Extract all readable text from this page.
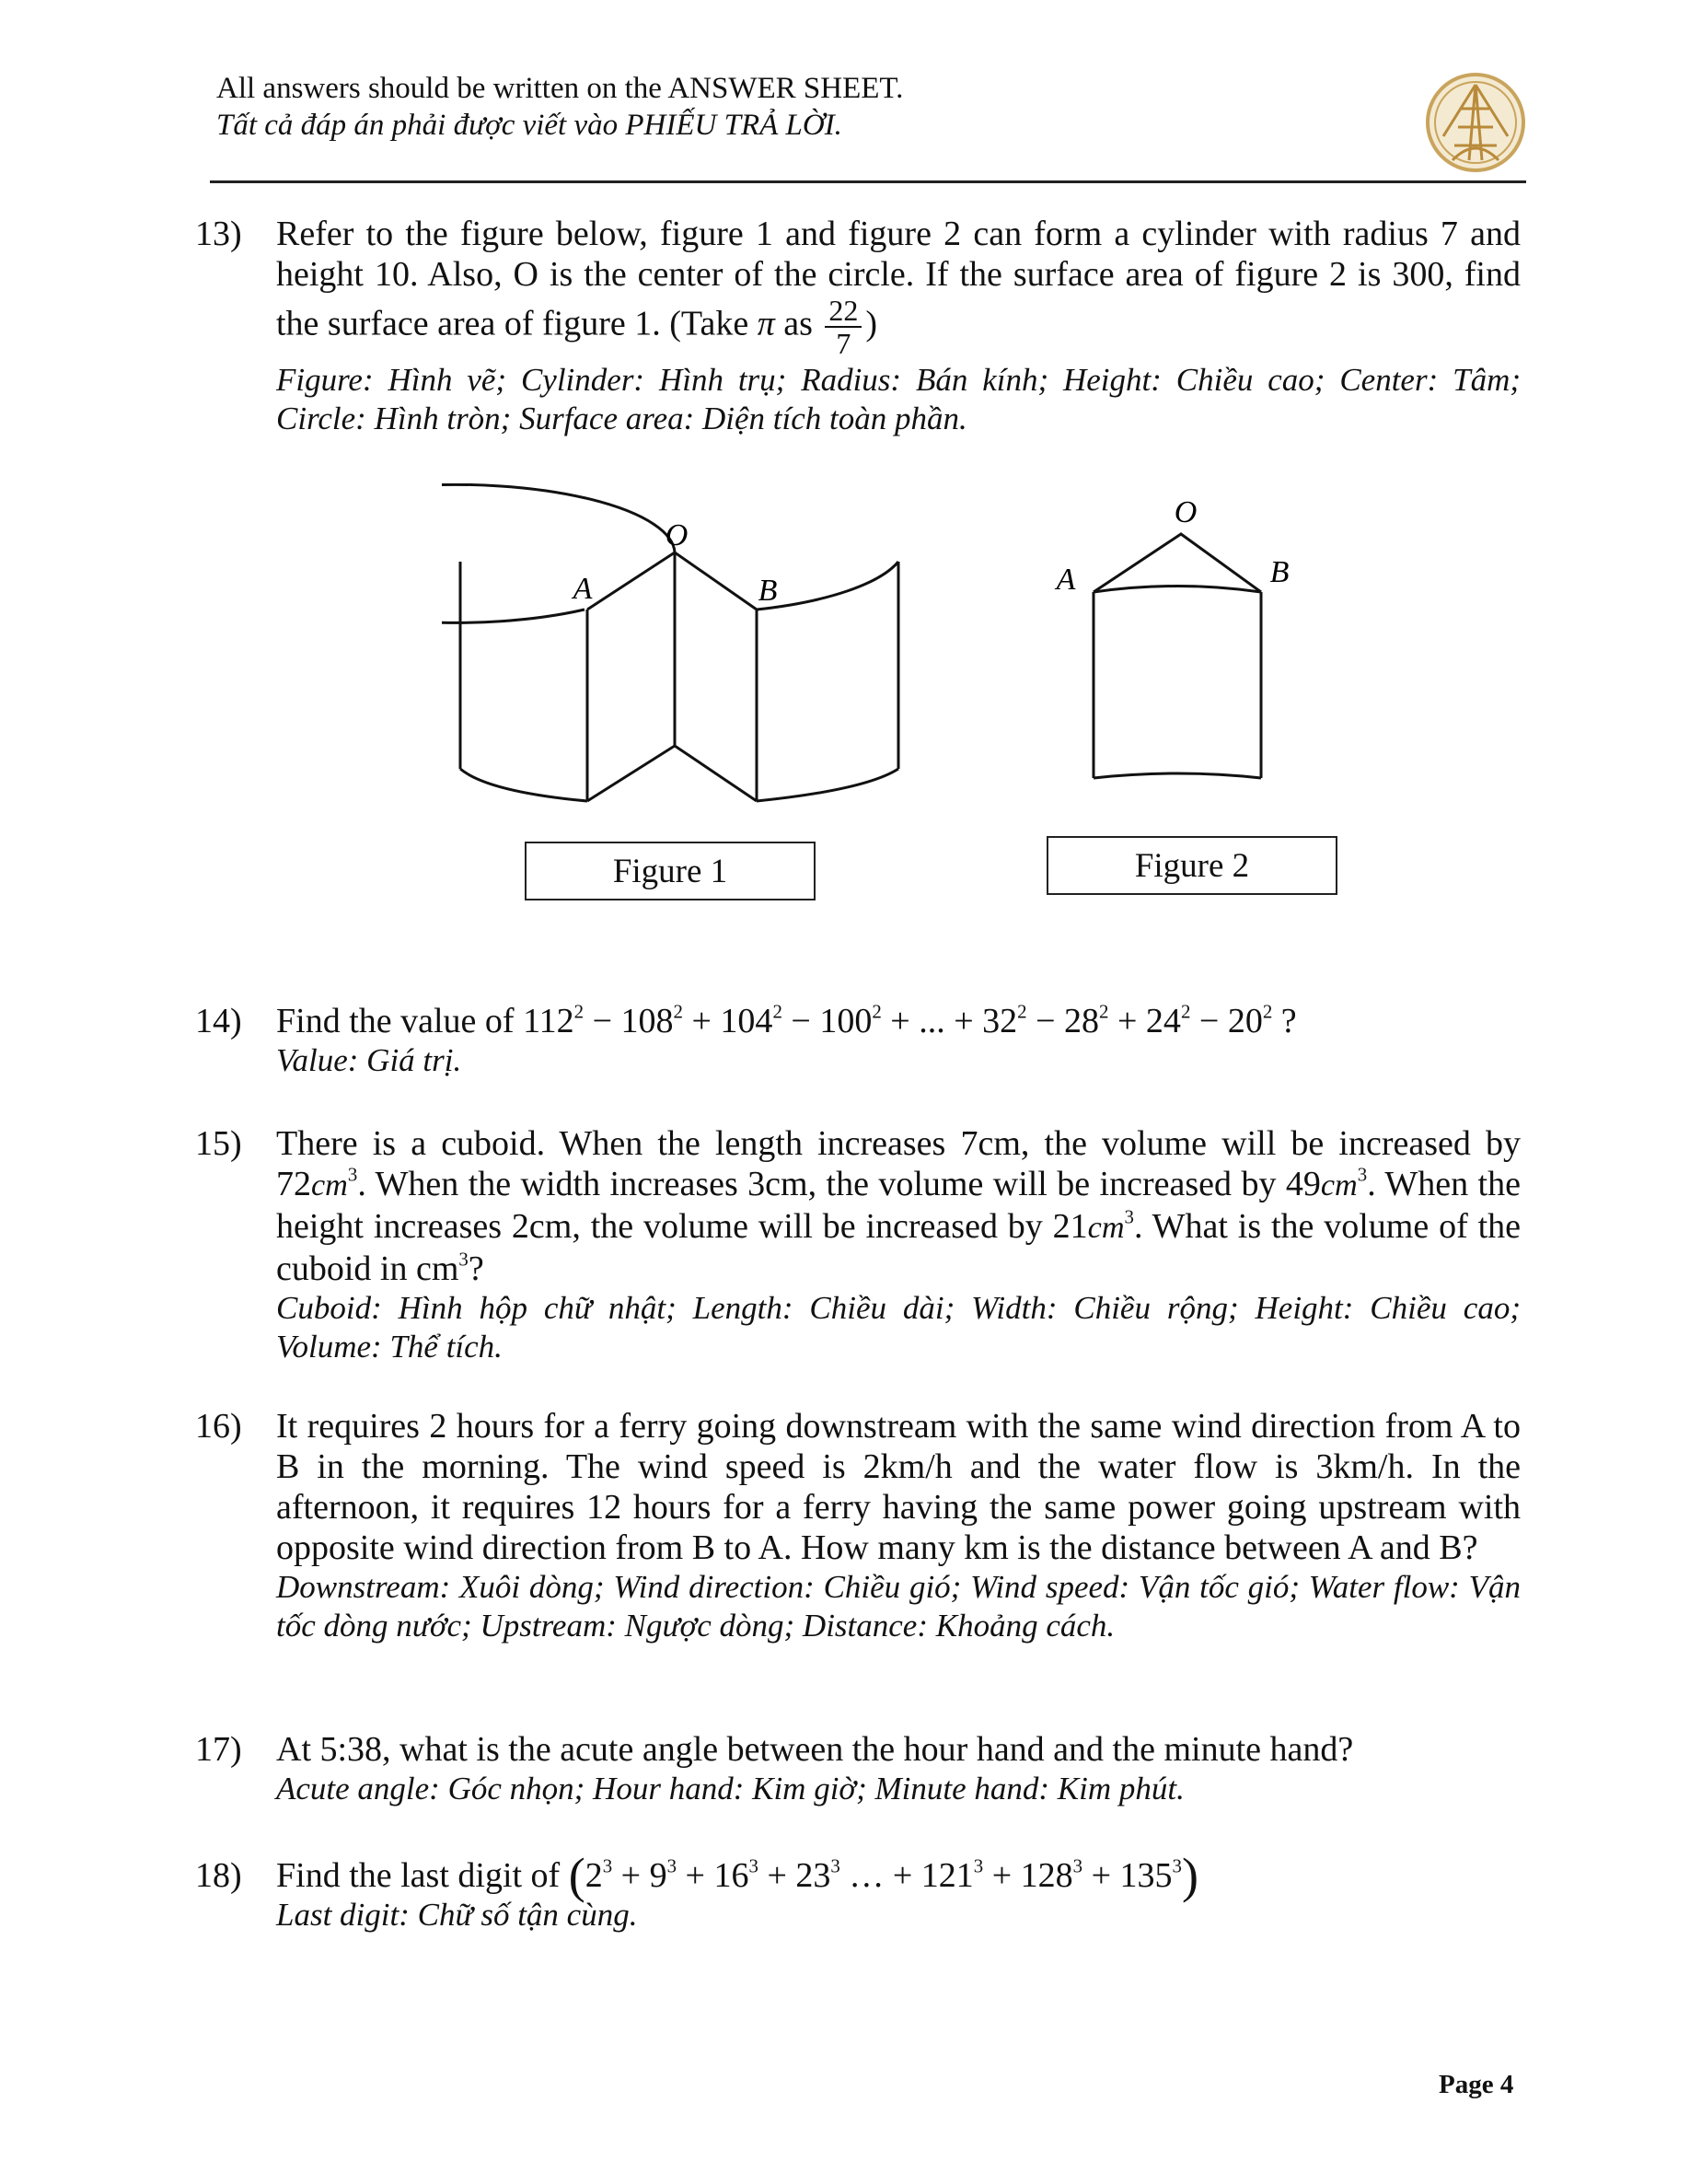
All answers should be written on the ANSWER SHEET.
Tất cả đáp án phải được viết vào PHIẾU TRẢ LỜI.
13) Refer to the figure below, figure 1 and figure 2 can form a cylinder with radius 7 and height 10. Also, O is the center of the circle. If the surface area of figure 2 is 300, find the surface area of figure 1. (Take π as $\frac{22}{7}$ )

Figure: Hình vẽ; Cylinder: Hình trụ; Radius: Bán kính; Height: Chiều cao; Center: Tâm; Circle: Hình tròn; Surface area: Diện tích toàn phần.

O
A	B
O
A	B
Figure 1	Figure 2
14) Find the value of $112^2 - 108^2 + 104^2 - 100^2$ + ... + $32^2 - 28^2 + 24^2 - 20^2$ ?

Value: Giá trị.

15) There is a cuboid. When the length increases 7cm, the volume will be increased by $72cm^3$. When the width increases 3cm, the volume will be increased by $49cm^3$. When the height increases 2cm, the volume will be increased by $21cm^3$. What is the volume of the cuboid in $cm^3$?

Cuboid: Hình hộp chữ nhật; Length: Chiều dài; Width: Chiều rộng; Height: Chiều cao; Volume: Thể tích.

16) It requires 2 hours for a ferry going downstream with the same wind direction from A to B in the morning. The wind speed is 2km/h and the water flow is 3km/h. In the afternoon, it requires 12 hours for a ferry having the same power going upstream with opposite wind direction from B to A. How many km is the distance between A and B?

Downstream: Xuôi dòng; Wind direction: Chiều gió; Wind speed: Vận tốc gió; Water flow: Vận tốc dòng nước; Upstream: Ngược dòng; Distance: Khoảng cách.

17) At 5:38, what is the acute angle between the hour hand and the minute hand?

Acute angle: Góc nhọn; Hour hand: Kim giờ; Minute hand: Kim phút.

18) Find the last digit of ($2^3 + 9^3 + 16^3 + 23^3$ … + $121^3 + 128^3 + 135^3$)

Last digit: Chữ số tận cùng.

Page 4
